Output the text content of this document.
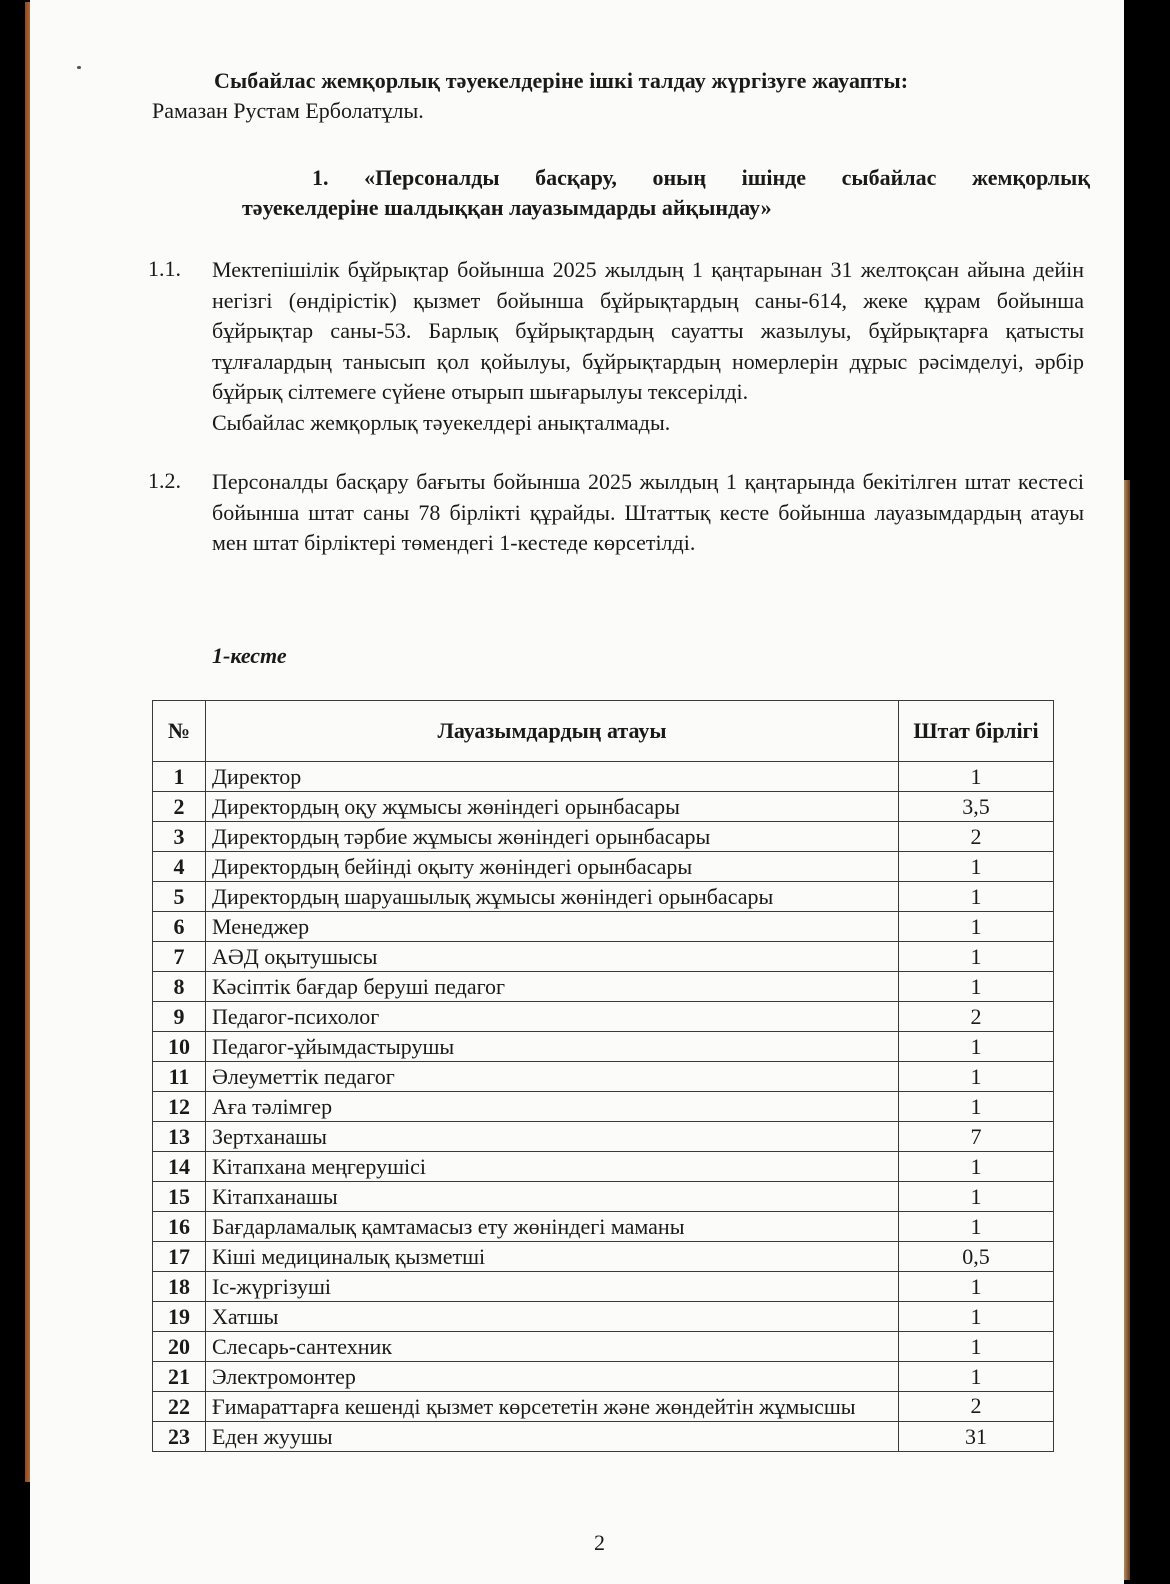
Сыбайлас жемқорлық тәуекелдеріне ішкі талдау жүргізуге жауапты:
Рамазан Рустам Ерболатұлы.
1. «Персоналды басқару, оның ішінде сыбайлас жемқорлық
тәуекелдеріне шалдыққан лауазымдарды айқындау»
1.1. Мектепішілік бұйрықтар бойынша 2025 жылдың 1 қаңтарынан 31 желтоқсан айына дейін негізгі (өндірістік) қызмет бойынша бұйрықтардың саны-614, жеке құрам бойынша бұйрықтар саны-53. Барлық бұйрықтардың сауатты жазылуы, бұйрықтарға қатысты тұлғалардың танысып қол қойылуы, бұйрықтардың номерлерін дұрыс рәсімделуі, әрбір бұйрық сілтемеге сүйене отырып шығарылуы тексерілді.
Сыбайлас жемқорлық тәуекелдері анықталмады.
1.2. Персоналды басқару бағыты бойынша 2025 жылдың 1 қаңтарында бекітілген штат кестесі бойынша штат саны 78 бірлікті құрайды. Штаттық кесте бойынша лауазымдардың атауы мен штат бірліктері төмендегі 1-кестеде көрсетілді.
1-кесте
№	Лауазымдардың атауы	Штат бірлігі
1	Директор	1
2	Директордың оқу жұмысы жөніндегі орынбасары	3,5
3	Директордың тәрбие жұмысы жөніндегі орынбасары	2
4	Директордың бейінді оқыту жөніндегі орынбасары	1
5	Директордың шаруашылық жұмысы жөніндегі орынбасары	1
6	Менеджер	1
7	АӘД оқытушысы	1
8	Кәсіптік бағдар беруші педагог	1
9	Педагог-психолог	2
10	Педагог-ұйымдастырушы	1
11	Әлеуметтік педагог	1
12	Аға тәлімгер	1
13	Зертханашы	7
14	Кітапхана меңгерушісі	1
15	Кітапханашы	1
16	Бағдарламалық қамтамасыз ету жөніндегі маманы	1
17	Кіші медициналық қызметші	0,5
18	Іс-жүргізуші	1
19	Хатшы	1
20	Слесарь-сантехник	1
21	Электромонтер	1
22	Ғимараттарға кешенді қызмет көрсететін және жөндейтін жұмысшы	2
23	Еден жуушы	31
2
